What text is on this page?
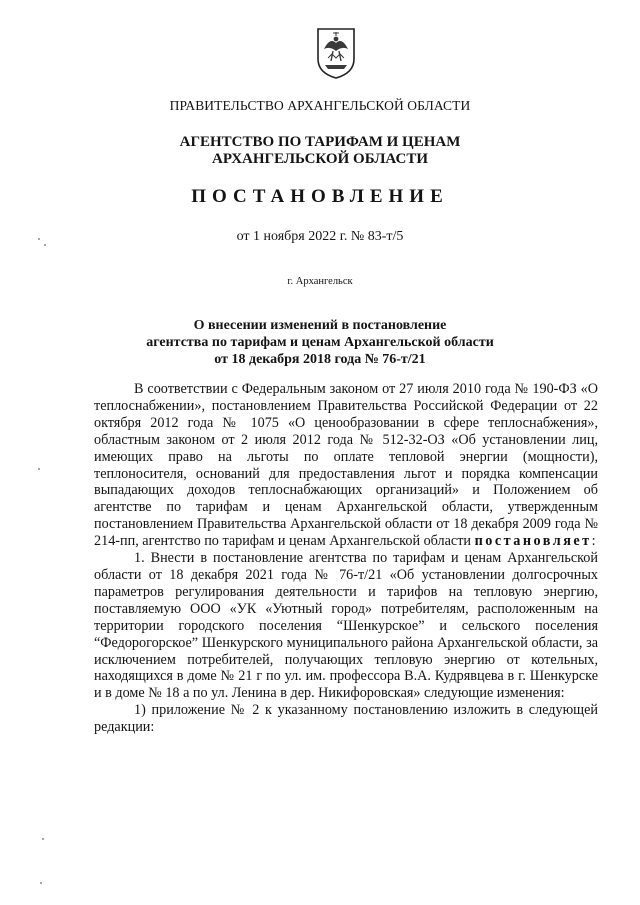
ПРАВИТЕЛЬСТВО АРХАНГЕЛЬСКОЙ ОБЛАСТИ
АГЕНТСТВО ПО ТАРИФАМ И ЦЕНАМ
АРХАНГЕЛЬСКОЙ ОБЛАСТИ
ПОСТАНОВЛЕНИЕ
от 1 ноября 2022 г. № 83-т/5
г. Архангельск
О внесении изменений в постановление
агентства по тарифам и ценам Архангельской области
от 18 декабря 2018 года № 76-т/21

В соответствии с Федеральным законом от 27 июля 2010 года № 190-ФЗ «О теплоснабжении», постановлением Правительства Российской Федерации от 22 октября 2012 года № 1075 «О ценообразовании в сфере теплоснабжения», областным законом от 2 июля 2012 года № 512-32-ОЗ «Об установлении лиц, имеющих право на льготы по оплате тепловой энергии (мощности), теплоносителя, оснований для предоставления льгот и порядка компенсации выпадающих доходов теплоснабжающих организаций» и Положением об агентстве по тарифам и ценам Архангельской области, утвержденным постановлением Правительства Архангельской области от 18 декабря 2009 года № 214-пп, агентство по тарифам и ценам Архангельской области постановляет:

1. Внести в постановление агентства по тарифам и ценам Архангельской области от 18 декабря 2021 года № 76-т/21 «Об установлении долгосрочных параметров регулирования деятельности и тарифов на тепловую энергию, поставляемую ООО «УК «Уютный город» потребителям, расположенным на территории городского поселения “Шенкурское” и сельского поселения “Федорогорское” Шенкурского муниципального района Архангельской области, за исключением потребителей, получающих тепловую энергию от котельных, находящихся в доме № 21 г по ул. им. профессора В.А. Кудрявцева в г. Шенкурске и в доме № 18 а по ул. Ленина в дер. Никифоровская» следующие изменения:

1) приложение № 2 к указанному постановлению изложить в следующей редакции:
